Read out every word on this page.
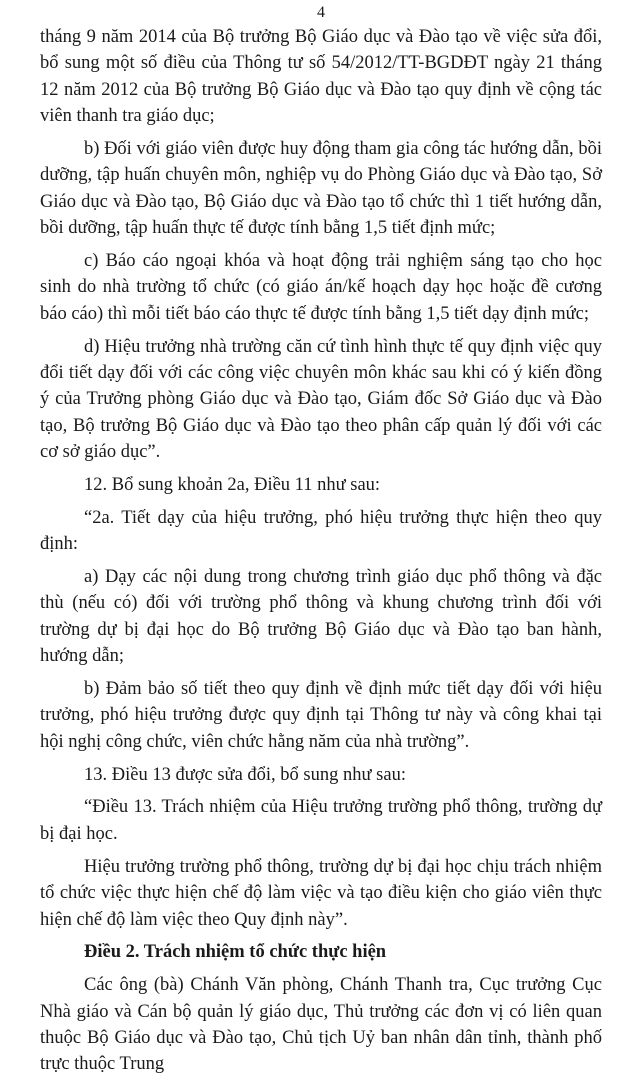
4

tháng 9 năm 2014 của Bộ trưởng Bộ Giáo dục và Đào tạo về việc sửa đổi, bổ sung một số điều của Thông tư số 54/2012/TT-BGDĐT ngày 21 tháng 12 năm 2012 của Bộ trưởng Bộ Giáo dục và Đào tạo quy định về cộng tác viên thanh tra giáo dục;

b) Đối với giáo viên được huy động tham gia công tác hướng dẫn, bồi dưỡng, tập huấn chuyên môn, nghiệp vụ do Phòng Giáo dục và Đào tạo, Sở Giáo dục và Đào tạo, Bộ Giáo dục và Đào tạo tổ chức thì 1 tiết hướng dẫn, bồi dưỡng, tập huấn thực tế được tính bằng 1,5 tiết định mức;

c) Báo cáo ngoại khóa và hoạt động trải nghiệm sáng tạo cho học sinh do nhà trường tổ chức (có giáo án/kế hoạch dạy học hoặc đề cương báo cáo) thì mỗi tiết báo cáo thực tế được tính bằng 1,5 tiết dạy định mức;

d) Hiệu trưởng nhà trường căn cứ tình hình thực tế quy định việc quy đổi tiết dạy đối với các công việc chuyên môn khác sau khi có ý kiến đồng ý của Trưởng phòng Giáo dục và Đào tạo, Giám đốc Sở Giáo dục và Đào tạo, Bộ trưởng Bộ Giáo dục và Đào tạo theo phân cấp quản lý đối với các cơ sở giáo dục”.

12. Bổ sung khoản 2a, Điều 11 như sau:

“2a. Tiết dạy của hiệu trưởng, phó hiệu trưởng thực hiện theo quy định:

a) Dạy các nội dung trong chương trình giáo dục phổ thông và đặc thù (nếu có) đối với trường phổ thông và khung chương trình đối với trường dự bị đại học do Bộ trưởng Bộ Giáo dục và Đào tạo ban hành, hướng dẫn;

b) Đảm bảo số tiết theo quy định về định mức tiết dạy đối với hiệu trưởng, phó hiệu trưởng được quy định tại Thông tư này và công khai tại hội nghị công chức, viên chức hằng năm của nhà trường”.

13. Điều 13 được sửa đổi, bổ sung như sau:

“Điều 13. Trách nhiệm của Hiệu trưởng trường phổ thông, trường dự bị đại học.

Hiệu trưởng trường phổ thông, trường dự bị đại học chịu trách nhiệm tổ chức việc thực hiện chế độ làm việc và tạo điều kiện cho giáo viên thực hiện chế độ làm việc theo Quy định này”.

Điều 2. Trách nhiệm tổ chức thực hiện

Các ông (bà) Chánh Văn phòng, Chánh Thanh tra, Cục trưởng Cục Nhà giáo và Cán bộ quản lý giáo dục, Thủ trưởng các đơn vị có liên quan thuộc Bộ Giáo dục và Đào tạo, Chủ tịch Uỷ ban nhân dân tỉnh, thành phố trực thuộc Trung
